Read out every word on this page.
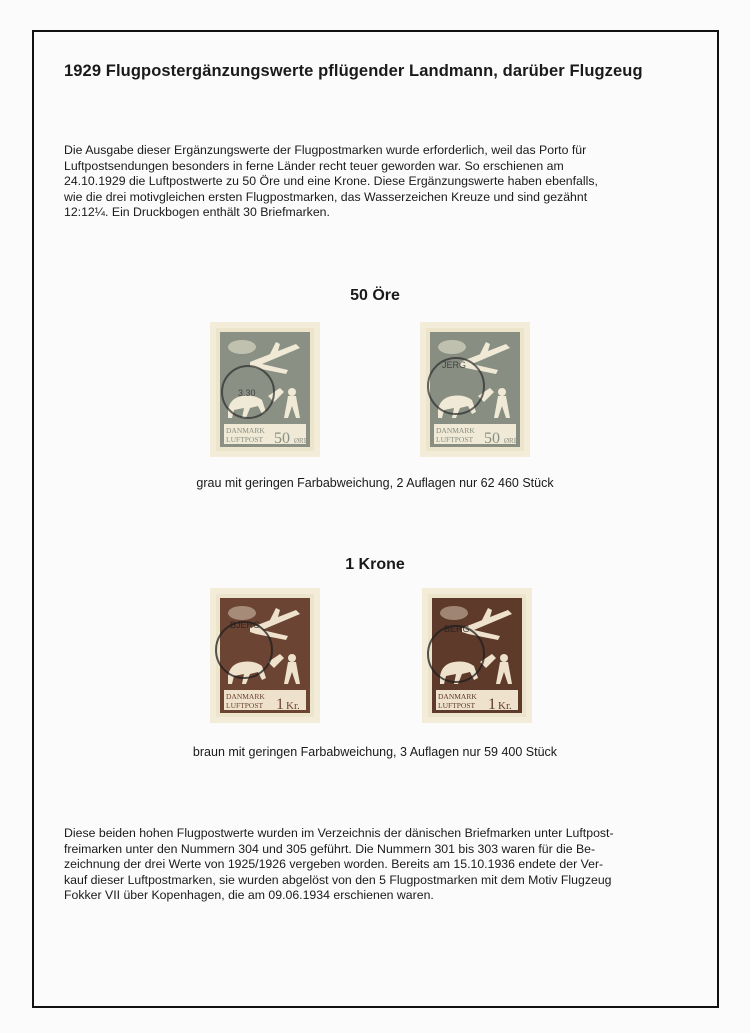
1929 Flugpostergänzungswerte pflügender Landmann, darüber Flugzeug
Die Ausgabe dieser Ergänzungswerte der Flugpostmarken wurde erforderlich, weil das Porto für
Luftpostsendungen besonders in ferne Länder recht teuer geworden war. So erschienen am
24.10.1929 die Luftpostwerte zu 50 Öre und eine Krone. Diese Ergänzungswerte haben ebenfalls,
wie die drei motivgleichen ersten Flugpostmarken, das Wasserzeichen Kreuze und sind gezähnt
12:12¼. Ein Druckbogen enthält 30 Briefmarken.
50 Öre
DANMARK
LUFTPOST 50 ØRE
3.30
DANMARK
LUFTPOST 50 ØRE
JERG
grau mit geringen Farbabweichung, 2 Auflagen nur 62 460 Stück
1 Krone
DANMARK
LUFTPOST 1 Kr.
BJERG
DANMARK
LUFTPOST 1 Kr.
BERG
braun mit geringen Farbabweichung, 3 Auflagen nur 59 400 Stück
Diese beiden hohen Flugpostwerte wurden im Verzeichnis der dänischen Briefmarken unter Luftpost-
freimarken unter den Nummern 304 und 305 geführt. Die Nummern 301 bis 303 waren für die Be-
zeichnung der drei Werte von 1925/1926 vergeben worden. Bereits am 15.10.1936 endete der Ver-
kauf dieser Luftpostmarken, sie wurden abgelöst von den 5 Flugpostmarken mit dem Motiv Flugzeug
Fokker VII über Kopenhagen, die am 09.06.1934 erschienen waren.
